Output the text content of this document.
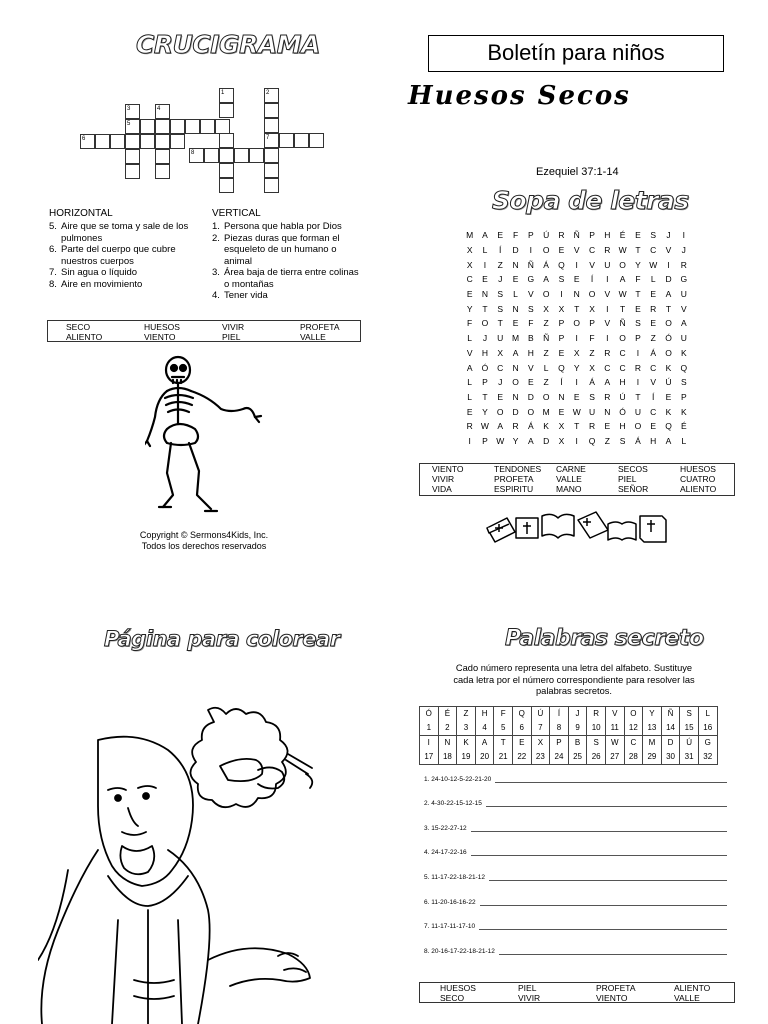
CRUCIGRAMA
1	2
3	4
5
6	7
8
HORIZONTAL
5. Aire que se toma y sale de los pulmones
6. Parte del cuerpo que cubre nuestros cuerpos
7. Sin agua o líquido
8. Aire en movimiento
VERTICAL
1. Persona que habla por Dios
2. Piezas duras que forman el esqueleto de un humano o animal
3. Área baja de tierra entre colinas o montañas
4. Tener vida
SECO	HUESOS	VIVIR	PROFETA
ALIENTO	VIENTO	PIEL	VALLE
Copyright © Sermons4Kids, Inc.
Todos los derechos reservados
Boletín para niños
Huesos Secos
Ezequiel 37:1-14
Sopa de letras
M	A	E	F	P	Ú	R	Ñ	P	H	É	E	S	J	I
X	L	Í	D	I	O	E	V	C	R W	T	C	V	J
X	I	Z	N	Ñ	Á	Q	I	V	U	O	Y W	I	R
C	E	J	E	G	A	S	E	Í	I	A	F	L	D	G
E	N	S	L	V	O	I	N	O	V W	T	E	A	U
Y	T	S	N	S	X	X	T	X	I	T	E	R	T	V
F	O	T	E	F	Z	P	O	P	V	Ñ	S	E	O	A
L	J	U	M	B	Ñ	P	I	F	I	O	P	Z	Ó	U
V	H	X	A	H	Z	E	X	Z	R	C	I	Á	O	K
A	Ó	C	N	V	L	Q	Y	X	C	C	R	C	K	Q
L	P	J	O	E	Z	Í	I	Á	A	H	I	V	Ú	S
L	T	E	N	D	O	N	E	S	R	Ú	T	Í	E	P
E	Y	O	D	O M	E W U	N	Ó	U	C	K	K
R W A	R	Á	K	X	T	R	E	H	O	E	Q	É
I	P W Y	A	D	X	I	Q	Z	S	Á	H	A	L
VIENTO	TENDONES	CARNE	SECOS	HUESOS
VIVIR	PROFETA	VALLE	PIEL	CUATRO
VIDA	ESPIRITU	MANO	SEÑOR	ALIENTO
Página para colorear	Palabras secreto
Cado número representa una letra del alfabeto. Sustituye cada letra por el número correspondiente para resolver las palabras secretos.
Ó	É	Z	H	F	Q	Ú	Í	J	R	V	O	Y	Ñ	S	L
1	2	3	4	5	6	7	8	9	10	11	12	13	14	15	16
I	N	K	A	T	E	X	P	B	S	W	C	M	D	Ú	G
17	18	19	20	21	22	23	24	25	26	27	28	29	30	31	32
1. 24-10-12-5-22-21-20
2. 4-30-22-15-12-15
3. 15-22-27-12
4. 24-17-22-16
5. 11-17-22-18-21-12
6. 11-20-16-16-22
7. 11-17-11-17-10
8. 20-16-17-22-18-21-12
HUESOS	PIEL	PROFETA	ALIENTO
SECO	VIVIR	VIENTO	VALLE
